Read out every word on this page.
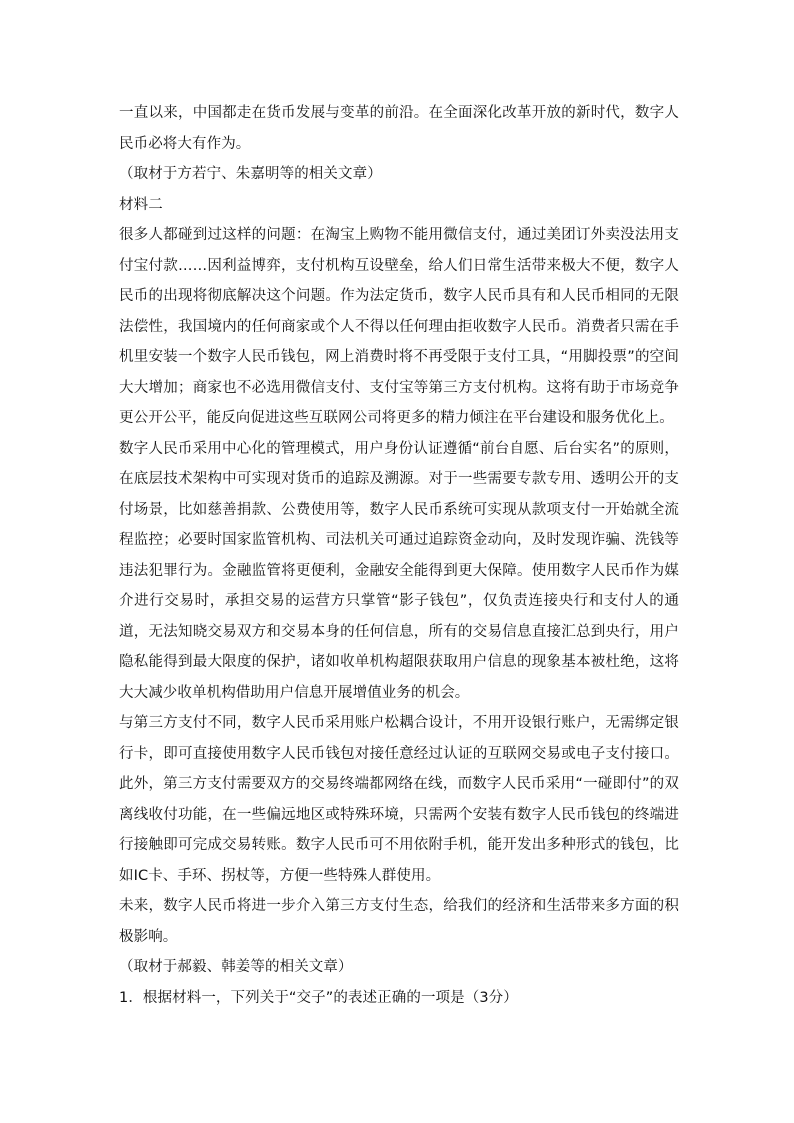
一直以来，中国都走在货币发展与变革的前沿。在全面深化改革开放的新时代，数字人民币必将大有作为。

（取材于方若宁、朱嘉明等的相关文章）

材料二

很多人都碰到过这样的问题：在淘宝上购物不能用微信支付，通过美团订外卖没法用支付宝付款……因利益博弈，支付机构互设壁垒，给人们日常生活带来极大不便，数字人民币的出现将彻底解决这个问题。作为法定货币，数字人民币具有和人民币相同的无限法偿性，我国境内的任何商家或个人不得以任何理由拒收数字人民币。消费者只需在手机里安装一个数字人民币钱包，网上消费时将不再受限于支付工具，“用脚投票”的空间大大增加；商家也不必选用微信支付、支付宝等第三方支付机构。这将有助于市场竞争更公开公平，能反向促进这些互联网公司将更多的精力倾注在平台建设和服务优化上。

数字人民币采用中心化的管理模式，用户身份认证遵循“前台自愿、后台实名”的原则，在底层技术架构中可实现对货币的追踪及溯源。对于一些需要专款专用、透明公开的支付场景，比如慈善捐款、公费使用等，数字人民币系统可实现从款项支付一开始就全流程监控；必要时国家监管机构、司法机关可通过追踪资金动向，及时发现诈骗、洗钱等违法犯罪行为。金融监管将更便利，金融安全能得到更大保障。使用数字人民币作为媒介进行交易时，承担交易的运营方只掌管“影子钱包”，仅负责连接央行和支付人的通道，无法知晓交易双方和交易本身的任何信息，所有的交易信息直接汇总到央行，用户隐私能得到最大限度的保护，诸如收单机构超限获取用户信息的现象基本被杜绝，这将大大减少收单机构借助用户信息开展增值业务的机会。

与第三方支付不同，数字人民币采用账户松耦合设计，不用开设银行账户，无需绑定银行卡，即可直接使用数字人民币钱包对接任意经过认证的互联网交易或电子支付接口。此外，第三方支付需要双方的交易终端都网络在线，而数字人民币采用“一碰即付”的双离线收付功能，在一些偏远地区或特殊环境，只需两个安装有数字人民币钱包的终端进行接触即可完成交易转账。数字人民币可不用依附手机，能开发出多种形式的钱包，比如IC卡、手环、拐杖等，方便一些特殊人群使用。

未来，数字人民币将进一步介入第三方支付生态，给我们的经济和生活带来多方面的积极影响。

（取材于郝毅、韩姜等的相关文章）

1．根据材料一，下列关于“交子”的表述正确的一项是（3分）
